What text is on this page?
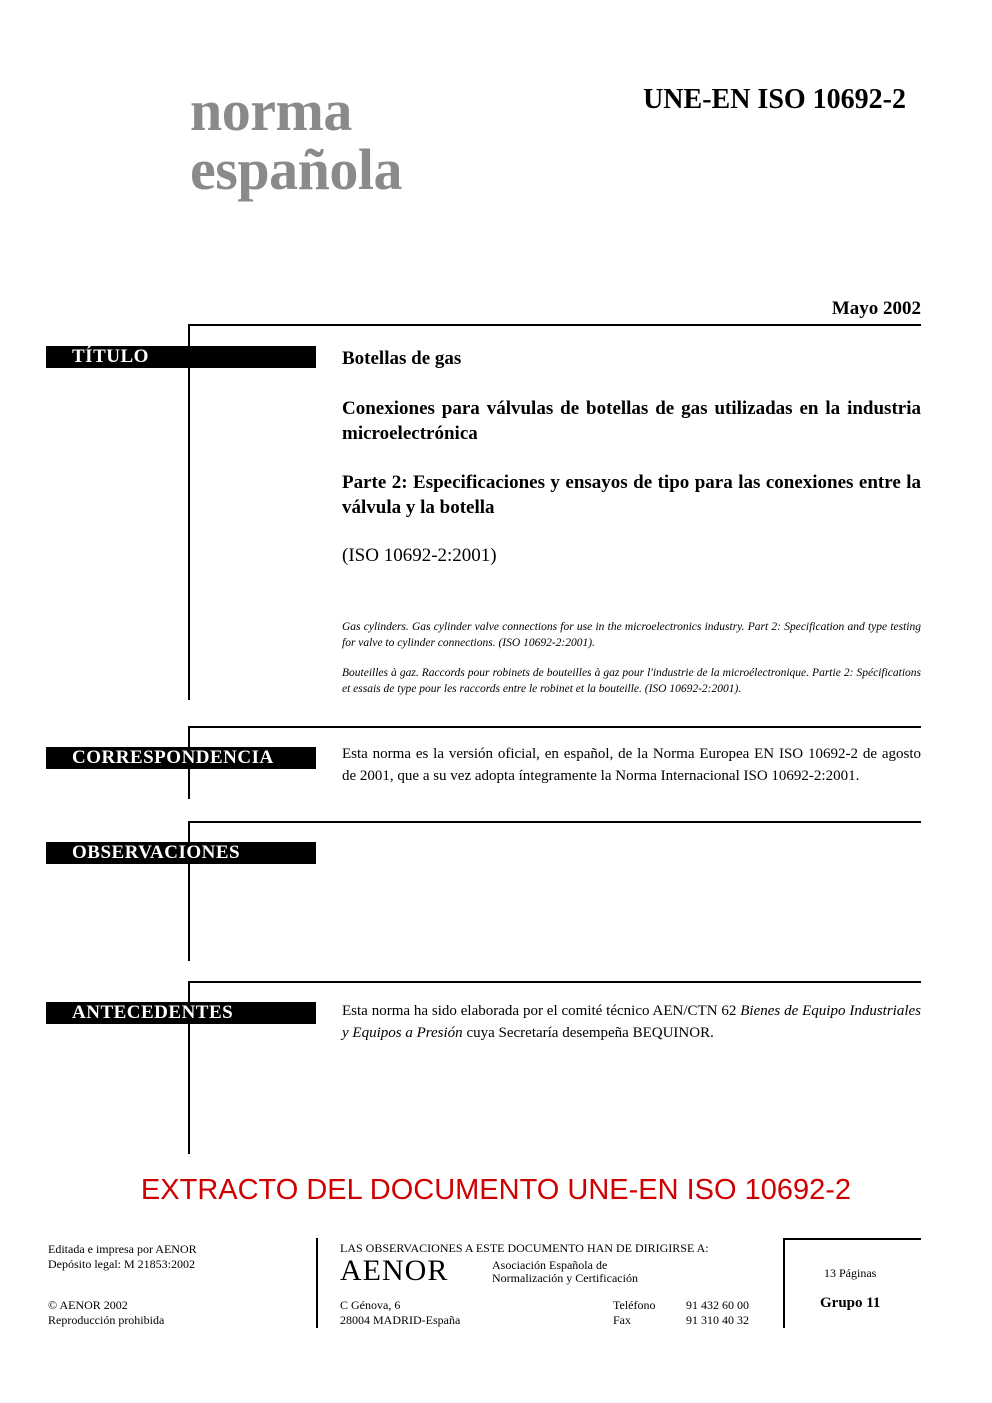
norma
española
UNE-EN ISO 10692-2
Mayo 2002
TÍTULO	Botellas de gas
Conexiones para válvulas de botellas de gas utilizadas en la industria microelectrónica
Parte 2: Especificaciones y ensayos de tipo para las conexiones entre la válvula y la botella
(ISO 10692-2:2001)
Gas cylinders. Gas cylinder valve connections for use in the microelectronics industry. Part 2: Specification and type testing for valve to cylinder connections. (ISO 10692-2:2001).
Bouteilles à gaz. Raccords pour robinets de bouteilles à gaz pour l'industrie de la microélectronique. Partie 2: Spécifications et essais de type pour les raccords entre le robinet et la bouteille. (ISO 10692-2:2001).
CORRESPONDENCIA	Esta norma es la versión oficial, en español, de la Norma Europea EN ISO 10692-2 de agosto de 2001, que a su vez adopta íntegramente la Norma Internacional ISO 10692-2:2001.
OBSERVACIONES
ANTECEDENTES	Esta norma ha sido elaborada por el comité técnico AEN/CTN 62 Bienes de Equipo Industriales y Equipos a Presión cuya Secretaría desempeña BEQUINOR.
EXTRACTO DEL DOCUMENTO UNE-EN ISO 10692-2
Editada e impresa por AENOR
Depósito legal: M 21853:2002
© AENOR 2002
Reproducción prohibida
LAS OBSERVACIONES A ESTE DOCUMENTO HAN DE DIRIGIRSE A:
AENOR	Asociación Española de
Normalización y Certificación
C Génova, 6
28004 MADRID-España
Teléfono	91 432 60 00
Fax	91 310 40 32
13 Páginas
Grupo 11
